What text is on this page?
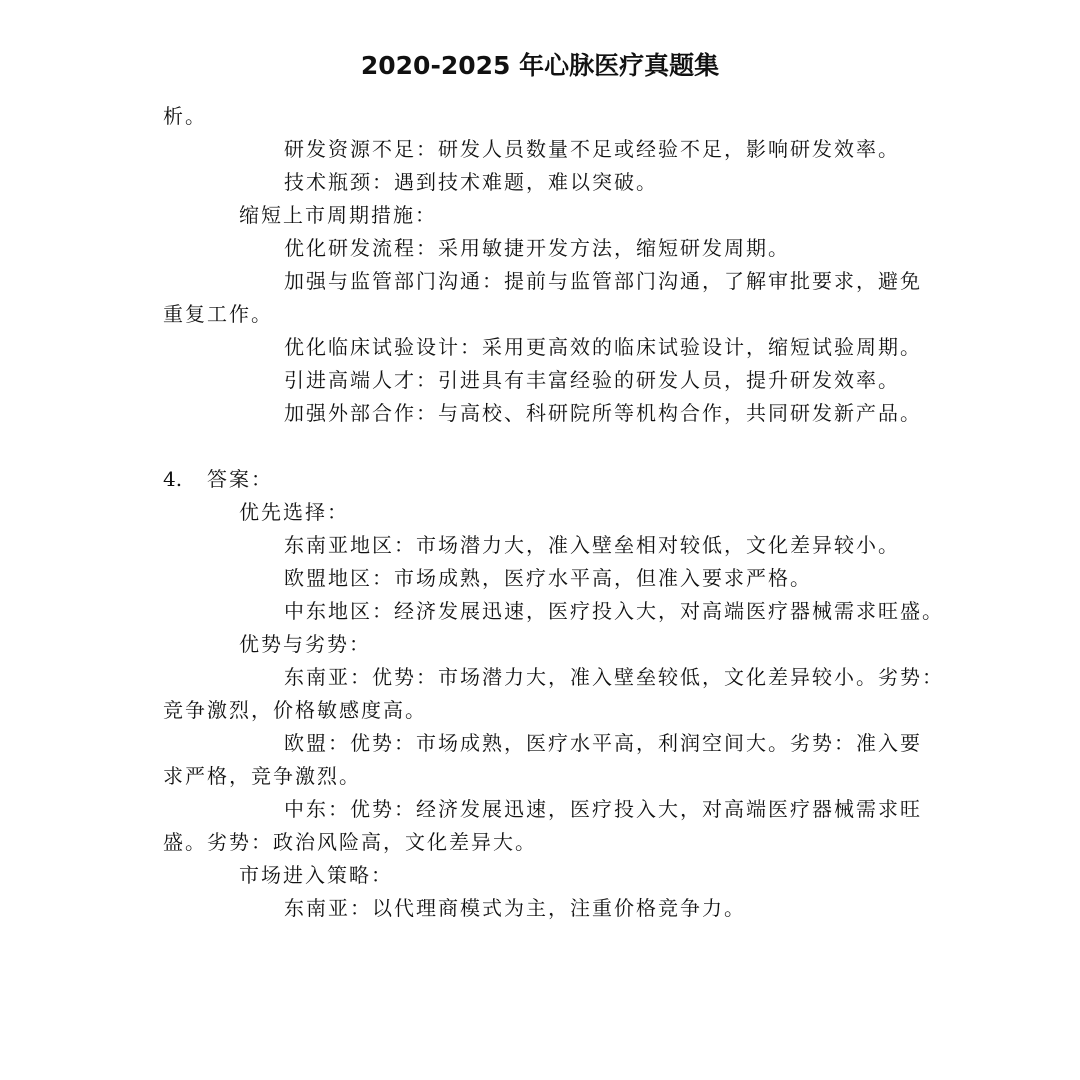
2020-2025 年心脉医疗真题集

析。

研发资源不足：研发人员数量不足或经验不足，影响研发效率。

技术瓶颈：遇到技术难题，难以突破。

缩短上市周期措施：

优化研发流程：采用敏捷开发方法，缩短研发周期。

加强与监管部门沟通：提前与监管部门沟通，了解审批要求，避免

重复工作。

优化临床试验设计：采用更高效的临床试验设计，缩短试验周期。

引进高端人才：引进具有丰富经验的研发人员，提升研发效率。

加强外部合作：与高校、科研院所等机构合作，共同研发新产品。

4. 答案：

优先选择：

东南亚地区：市场潜力大，准入壁垒相对较低，文化差异较小。

欧盟地区：市场成熟，医疗水平高，但准入要求严格。

中东地区：经济发展迅速，医疗投入大，对高端医疗器械需求旺盛。

优势与劣势：

东南亚：优势：市场潜力大，准入壁垒较低，文化差异较小。劣势：

竞争激烈，价格敏感度高。

欧盟：优势：市场成熟，医疗水平高，利润空间大。劣势：准入要

求严格，竞争激烈。

中东：优势：经济发展迅速，医疗投入大，对高端医疗器械需求旺

盛。劣势：政治风险高，文化差异大。

市场进入策略：

东南亚：以代理商模式为主，注重价格竞争力。
